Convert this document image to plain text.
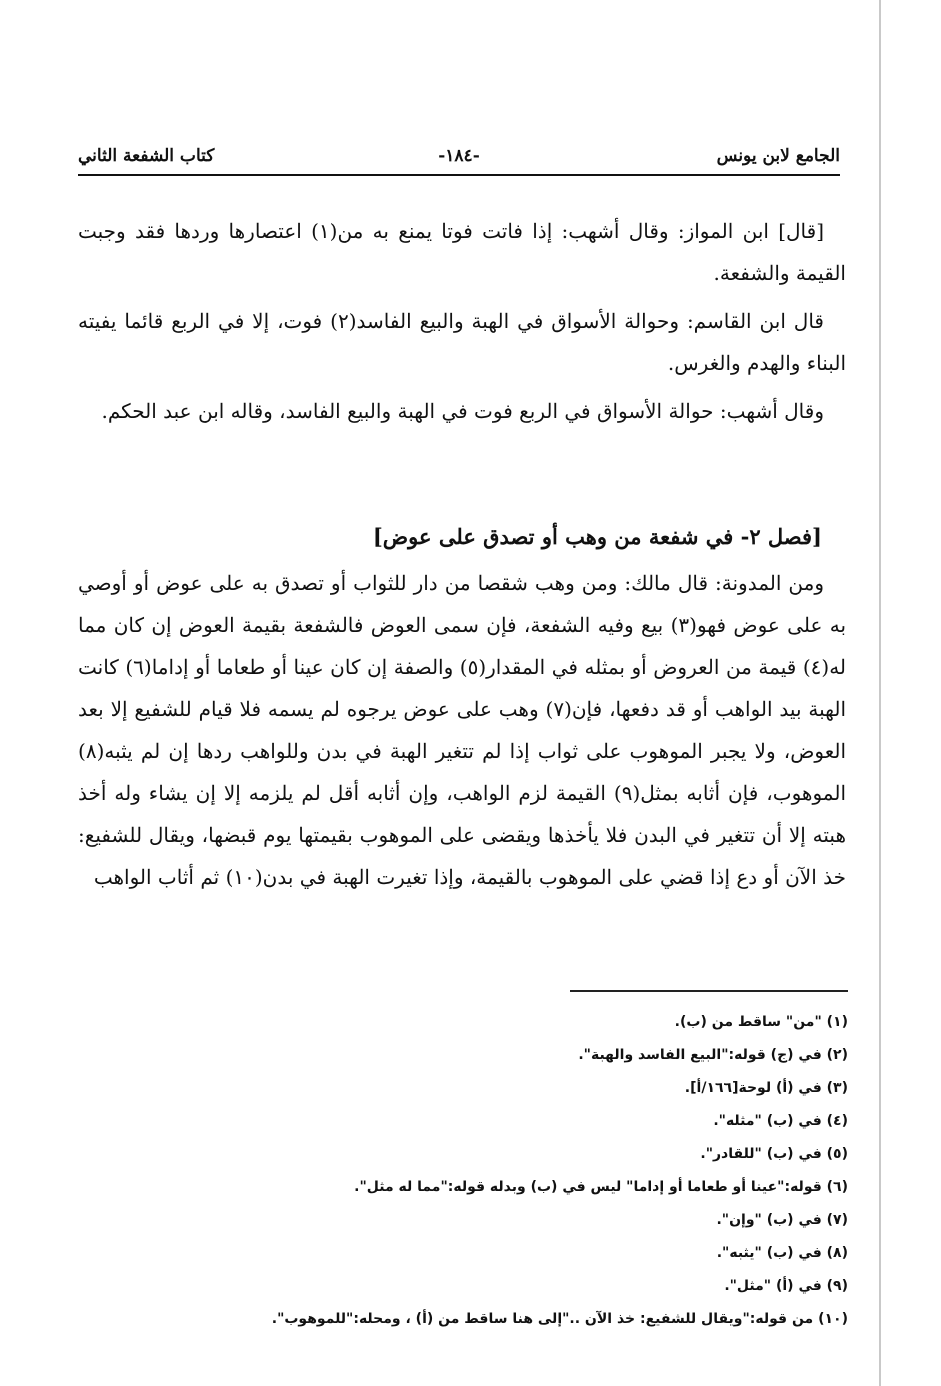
الجامع لابن يونس
-١٨٤-
كتاب الشفعة الثاني

[قال] ابن المواز: وقال أشهب: إذا فاتت فوتا يمنع به من(١) اعتصارها وردها فقد وجبت القيمة والشفعة.

قال ابن القاسم: وحوالة الأسواق في الهبة والبيع الفاسد(٢) فوت، إلا في الربع قائما يفيته البناء والهدم والغرس.

وقال أشهب: حوالة الأسواق في الربع فوت في الهبة والبيع الفاسد، وقاله ابن عبد الحكم.

[فصل ٢- في شفعة من وهب أو تصدق على عوض]

ومن المدونة: قال مالك: ومن وهب شقصا من دار للثواب أو تصدق به على عوض أو أوصي به على عوض فهو(٣) بيع وفيه الشفعة، فإن سمى العوض فالشفعة بقيمة العوض إن كان مما له(٤) قيمة من العروض أو بمثله في المقدار(٥) والصفة إن كان عينا أو طعاما أو إداما(٦) كانت الهبة بيد الواهب أو قد دفعها، فإن(٧) وهب على عوض يرجوه لم يسمه فلا قيام للشفيع إلا بعد العوض، ولا يجبر الموهوب على ثواب إذا لم تتغير الهبة في بدن وللواهب ردها إن لم يثبه(٨) الموهوب، فإن أثابه بمثل(٩) القيمة لزم الواهب، وإن أثابه أقل لم يلزمه إلا إن يشاء وله أخذ هبته إلا أن تتغير في البدن فلا يأخذها ويقضى على الموهوب بقيمتها يوم قبضها، ويقال للشفيع: خذ الآن أو دع إذا قضي على الموهوب بالقيمة، وإذا تغيرت الهبة في بدن(١٠) ثم أثاب الواهب

(١) "من" ساقط من (ب).
(٢) في (ج) قوله:"البيع الفاسد والهبة".
(٣) في (أ) لوحة[١٦٦/أ].
(٤) في (ب) "مثله".
(٥) في (ب) "للقادر".
(٦) قوله:"عينا أو طعاما أو إداما" ليس في (ب) وبدله قوله:"مما له مثل".
(٧) في (ب) "وإن".
(٨) في (ب) "يثبه".
(٩) في (أ) "مثل".
(١٠) من قوله:"ويقال للشفيع: خذ الآن .."إلى هنا ساقط من (أ) ، ومحله:"للموهوب".
